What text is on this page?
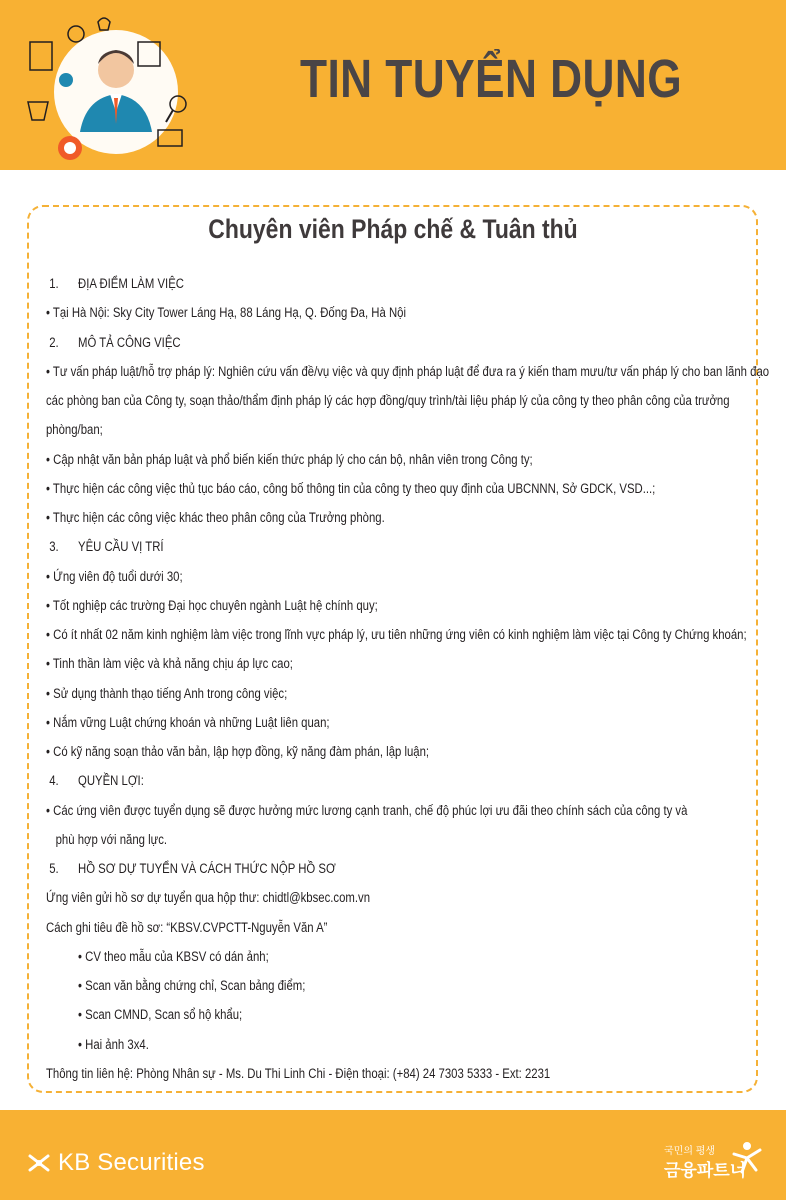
TIN TUYỂN DỤNG
Chuyên viên Pháp chế & Tuân thủ
1. ĐỊA ĐIỂM LÀM VIỆC
• Tại Hà Nội: Sky City Tower Láng Hạ, 88 Láng Hạ, Q. Đống Đa, Hà Nội
2. MÔ TẢ CÔNG VIỆC
• Tư vấn pháp luật/hỗ trợ pháp lý: Nghiên cứu vấn đề/vụ việc và quy định pháp luật để đưa ra ý kiến tham mưu/tư vấn pháp lý cho ban lãnh đạo
các phòng ban của Công ty, soạn thảo/thẩm định pháp lý các hợp đồng/quy trình/tài liệu pháp lý của công ty theo phân công của trưởng
phòng/ban;
• Cập nhật văn bản pháp luật và phổ biến kiến thức pháp lý cho cán bộ, nhân viên trong Công ty;
• Thực hiện các công việc thủ tục báo cáo, công bố thông tin của công ty theo quy định của UBCNNN, Sở GDCK, VSD...;
• Thực hiện các công việc khác theo phân công của Trưởng phòng.
3. YÊU CẦU VỊ TRÍ
• Ứng viên độ tuổi dưới 30;
• Tốt nghiệp các trường Đại học chuyên ngành Luật hệ chính quy;
• Có ít nhất 02 năm kinh nghiệm làm việc trong lĩnh vực pháp lý, ưu tiên những ứng viên có kinh nghiệm làm việc tại Công ty Chứng khoán;
• Tinh thần làm việc và khả năng chịu áp lực cao;
• Sử dụng thành thạo tiếng Anh trong công việc;
• Nắm vững Luật chứng khoán và những Luật liên quan;
• Có kỹ năng soạn thảo văn bản, lập hợp đồng, kỹ năng đàm phán, lập luận;
4. QUYỀN LỢI:
• Các ứng viên được tuyển dụng sẽ được hưởng mức lương cạnh tranh, chế độ phúc lợi ưu đãi theo chính sách của công ty và
phù hợp với năng lực.
5. HỒ SƠ DỰ TUYỂN VÀ CÁCH THỨC NỘP HỒ SƠ
Ứng viên gửi hồ sơ dự tuyển qua hộp thư: chidtl@kbsec.com.vn
Cách ghi tiêu đề hồ sơ: “KBSV.CVPCTT-Nguyễn Văn A”
• CV theo mẫu của KBSV có dán ảnh;
• Scan văn bằng chứng chỉ, Scan bảng điểm;
• Scan CMND, Scan sổ hộ khẩu;
• Hai ảnh 3x4.
Thông tin liên hệ: Phòng Nhân sự - Ms. Du Thi Linh Chi - Điện thoại: (+84) 24 7303 5333 - Ext: 2231
KB Securities	국민의 평생
금융파트너
